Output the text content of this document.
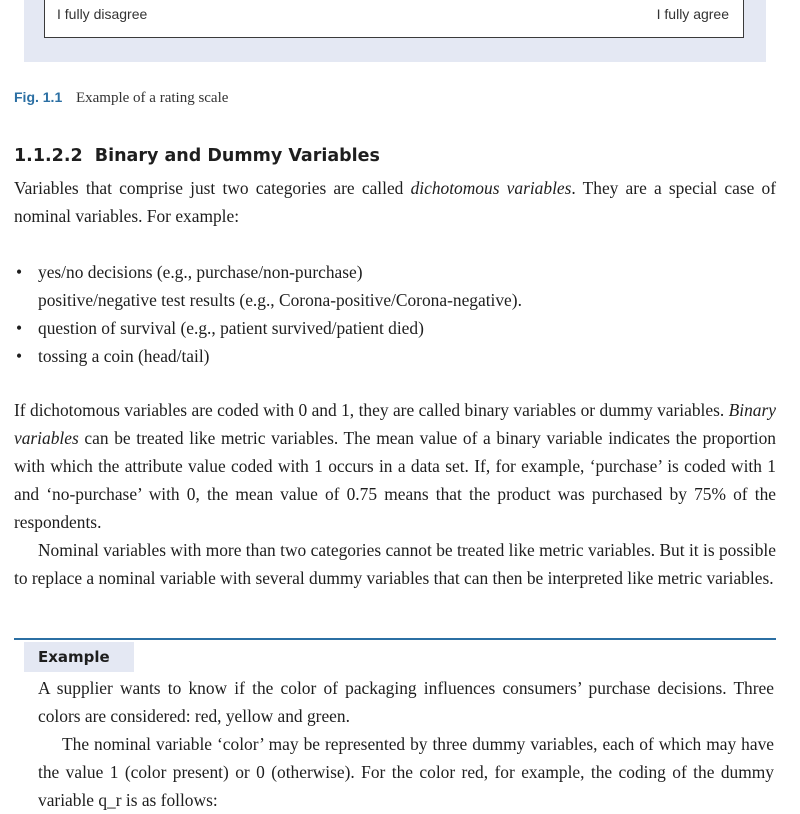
I fully disagree	I fully agree
Fig. 1.1 Example of a rating scale
1.1.2.2 Binary and Dummy Variables
Variables that comprise just two categories are called dichotomous variables. They are a special case of nominal variables. For example:
• yes/no decisions (e.g., purchase/non-purchase)
positive/negative test results (e.g., Corona-positive/Corona-negative).
• question of survival (e.g., patient survived/patient died)
• tossing a coin (head/tail)
If dichotomous variables are coded with 0 and 1, they are called binary variables or dummy variables. Binary variables can be treated like metric variables. The mean value of a binary variable indicates the proportion with which the attribute value coded with 1 occurs in a data set. If, for example, ‘purchase’ is coded with 1 and ‘no-purchase’ with 0, the mean value of 0.75 means that the product was purchased by 75% of the respondents.
Nominal variables with more than two categories cannot be treated like metric variables. But it is possible to replace a nominal variable with several dummy variables that can then be interpreted like metric variables.
Example
A supplier wants to know if the color of packaging influences consumers’ purchase decisions. Three colors are considered: red, yellow and green.
The nominal variable ‘color’ may be represented by three dummy variables, each of which may have the value 1 (color present) or 0 (otherwise). For the color red, for example, the coding of the dummy variable q_r is as follows:
